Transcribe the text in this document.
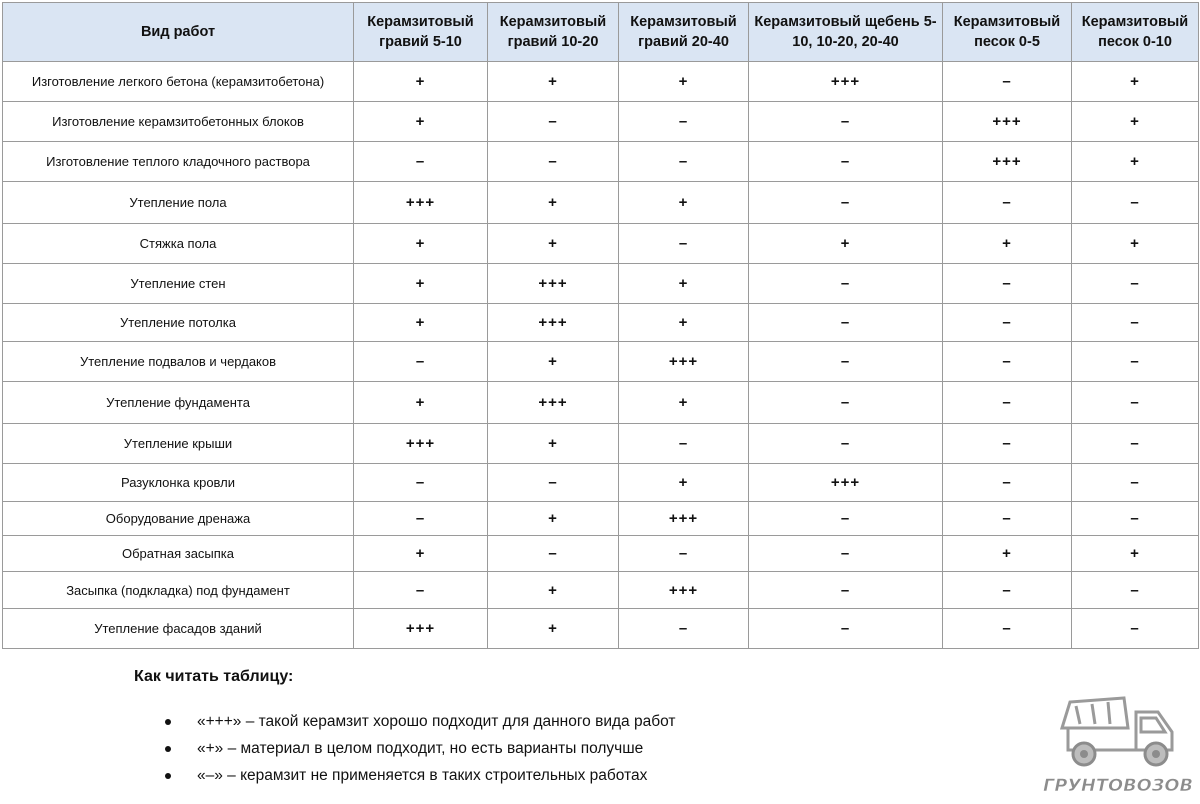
Вид работ	Керамзитовый гравий 5-10	Керамзитовый гравий 10-20	Керамзитовый гравий 20-40	Керамзитовый щебень 5-10, 10-20, 20-40	Керамзитовый песок 0-5	Керамзитовый песок 0-10
Изготовление легкого бетона (керамзитобетона)	+	+	+	+++	–	+
Изготовление керамзитобетонных блоков	+	–	–	–	+++	+
Изготовление теплого кладочного раствора	–	–	–	–	+++	+
Утепление пола	+++	+	+	–	–	–
Стяжка пола	+	+	–	+	+	+
Утепление стен	+	+++	+	–	–	–
Утепление потолка	+	+++	+	–	–	–
Утепление подвалов и чердаков	–	+	+++	–	–	–
Утепление фундамента	+	+++	+	–	–	–
Утепление крыши	+++	+	–	–	–	–
Разуклонка кровли	–	–	+	+++	–	–
Оборудование дренажа	–	+	+++	–	–	–
Обратная засыпка	+	–	–	–	+	+
Засыпка (подкладка) под фундамент	–	+	+++	–	–	–
Утепление фасадов зданий	+++	+	–	–	–	–
Как читать таблицу:
«+++» – такой керамзит хорошо подходит для данного вида работ
«+» – материал в целом подходит, но есть варианты получше
«–» – керамзит не применяется в таких строительных работах
ГРУНТОВОЗОВ
